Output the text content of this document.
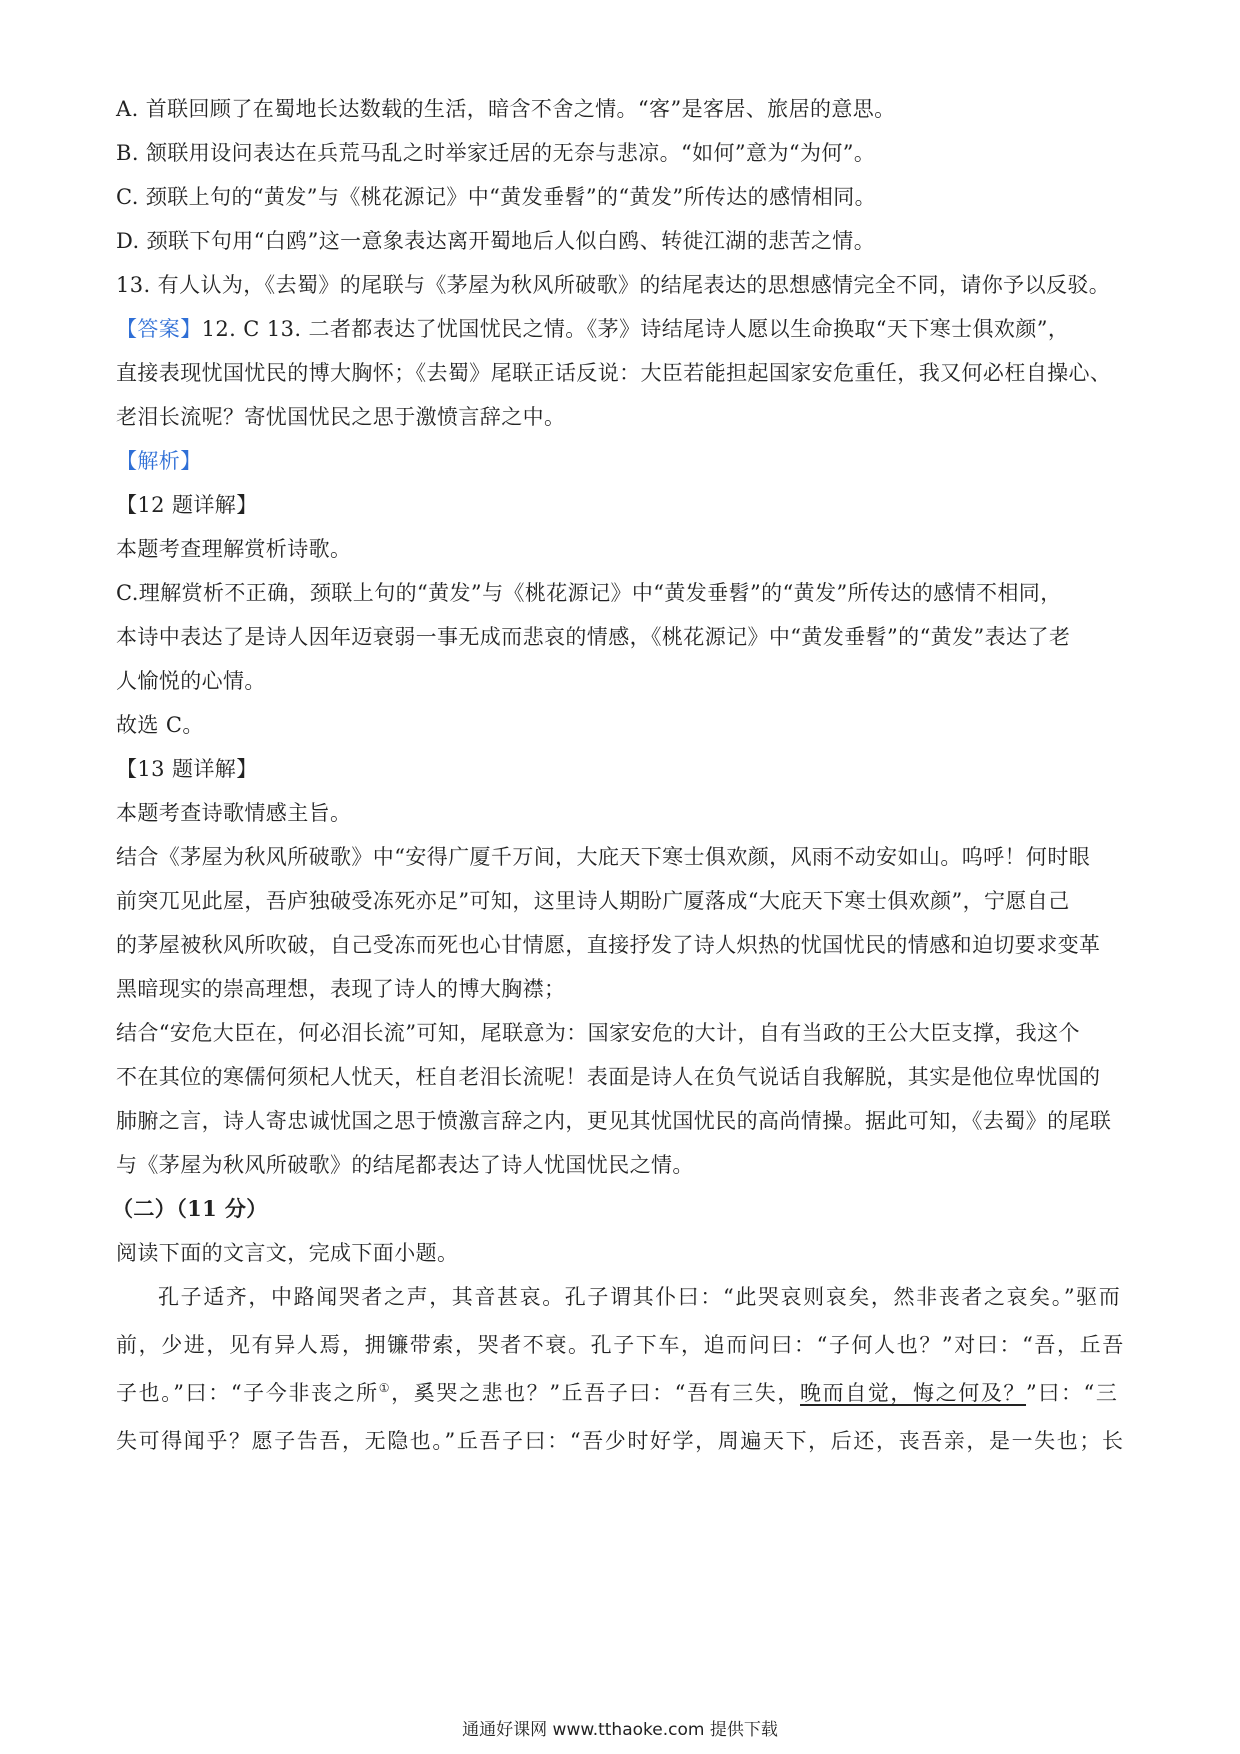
A. 首联回顾了在蜀地长达数载的生活，暗含不舍之情。“客”是客居、旅居的意思。
B. 颔联用设问表达在兵荒马乱之时举家迁居的无奈与悲凉。“如何”意为“为何”。
C. 颈联上句的“黄发”与《桃花源记》中“黄发垂髫”的“黄发”所传达的感情相同。
D. 颈联下句用“白鸥”这一意象表达离开蜀地后人似白鸥、转徙江湖的悲苦之情。
13. 有人认为，《去蜀》的尾联与《茅屋为秋风所破歌》的结尾表达的思想感情完全不同，请你予以反驳。
【答案】12. C 13. 二者都表达了忧国忧民之情。《茅》诗结尾诗人愿以生命换取“天下寒士俱欢颜”，
直接表现忧国忧民的博大胸怀；《去蜀》尾联正话反说：大臣若能担起国家安危重任，我又何必枉自操心、
老泪长流呢？寄忧国忧民之思于激愤言辞之中。
【解析】
【12 题详解】
本题考查理解赏析诗歌。
C.理解赏析不正确，颈联上句的“黄发”与《桃花源记》中“黄发垂髫”的“黄发”所传达的感情不相同，
本诗中表达了是诗人因年迈衰弱一事无成而悲哀的情感，《桃花源记》中“黄发垂髫”的“黄发”表达了老
人愉悦的心情。
故选 C。
【13 题详解】
本题考查诗歌情感主旨。
结合《茅屋为秋风所破歌》中“安得广厦千万间，大庇天下寒士俱欢颜，风雨不动安如山。呜呼！何时眼
前突兀见此屋，吾庐独破受冻死亦足”可知，这里诗人期盼广厦落成“大庇天下寒士俱欢颜”，宁愿自己
的茅屋被秋风所吹破，自己受冻而死也心甘情愿，直接抒发了诗人炽热的忧国忧民的情感和迫切要求变革
黑暗现实的崇高理想，表现了诗人的博大胸襟；
结合“安危大臣在，何必泪长流”可知，尾联意为：国家安危的大计，自有当政的王公大臣支撑，我这个
不在其位的寒儒何须杞人忧天，枉自老泪长流呢！表面是诗人在负气说话自我解脱，其实是他位卑忧国的
肺腑之言，诗人寄忠诚忧国之思于愤激言辞之内，更见其忧国忧民的高尚情操。据此可知，《去蜀》的尾联
与《茅屋为秋风所破歌》的结尾都表达了诗人忧国忧民之情。
（二）（11 分）
阅读下面的文言文，完成下面小题。
孔子适齐，中路闻哭者之声，其音甚哀。孔子谓其仆曰：“此哭哀则哀矣，然非丧者之哀矣。”驱而
前，少进，见有异人焉，拥镰带索，哭者不衰。孔子下车，追而问曰：“子何人也？”对曰：“吾，丘吾
子也。”曰：“子今非丧之所①，奚哭之悲也？”丘吾子曰：“吾有三失，晚而自觉，悔之何及？”曰：“三
失可得闻乎？愿子告吾，无隐也。”丘吾子曰：“吾少时好学，周遍天下，后还，丧吾亲，是一失也；长
通通好课网 www.tthaoke.com 提供下载
